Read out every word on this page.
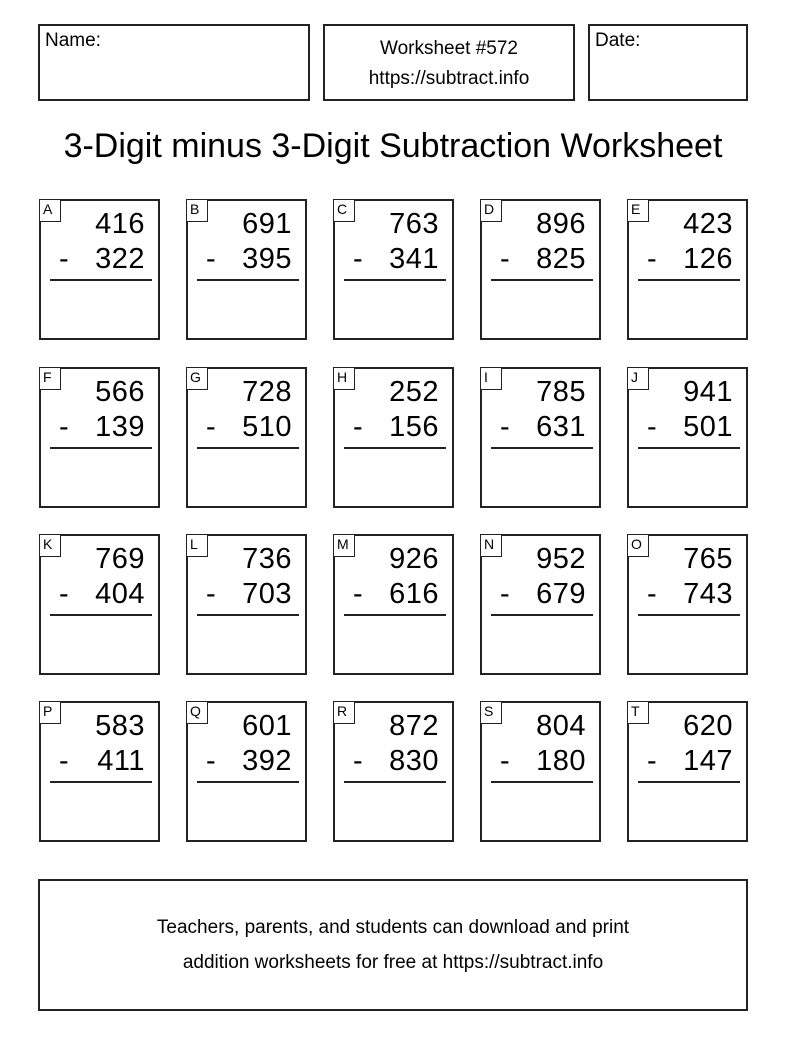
Name:	Worksheet #572
https://subtract.info
Date:
3-Digit minus 3-Digit Subtraction Worksheet
A 416
- 322
B 691
- 395
C 763
- 341
D 896
- 825
E 423
- 126
F	566
- 139
G 728
- 510
H 252
- 156
I	785
- 631
J	941
- 501
K 769
- 404
L	736
- 703
M 926
- 616
N 952
- 679
O 765
- 743
P 583
- 411
Q 601
- 392
R 872
- 830
S 804
- 180
T	620
- 147
Teachers, parents, and students can download and print
addition worksheets for free at https://subtract.info
